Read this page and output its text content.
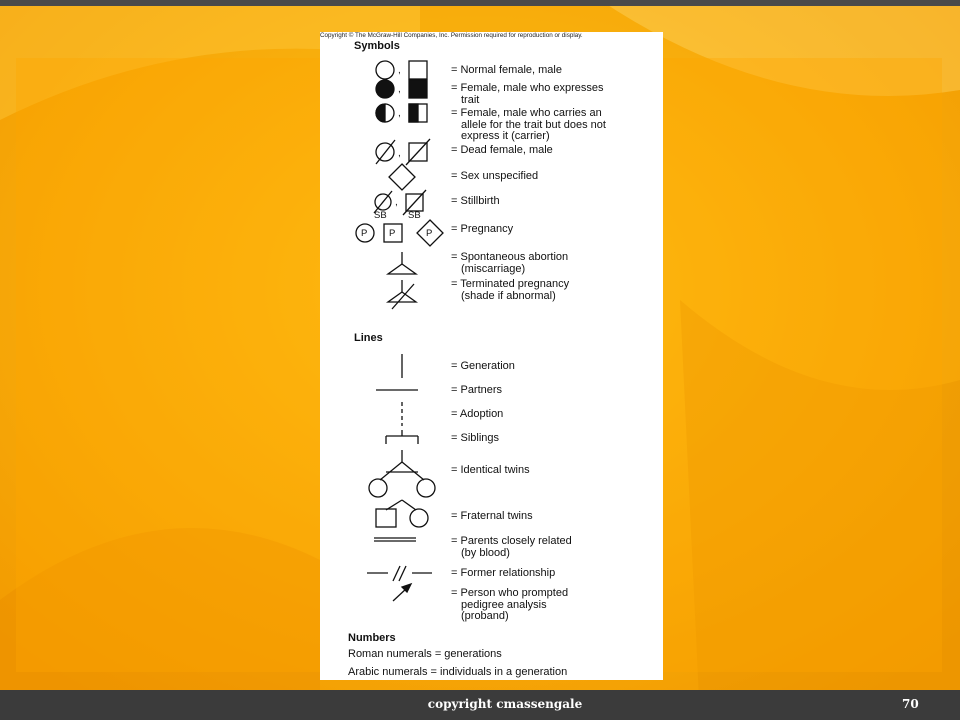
Copyright © The McGraw-Hill Companies, Inc. Permission required for reproduction or display.
Symbols
,
,
,
,
,
SB SB
P P	P
= Normal female, male
= Female, male who expresses
trait
= Female, male who carries an
allele for the trait but does not
express it (carrier)
= Dead female, male
= Sex unspecified
= Stillbirth
= Pregnancy
= Spontaneous abortion
(miscarriage)
= Terminated pregnancy
(shade if abnormal)
Lines
= Generation
= Partners
= Adoption
= Siblings
= Identical twins
= Fraternal twins
= Parents closely related
(by blood)
= Former relationship
= Person who prompted
pedigree analysis
(proband)
Numbers
Roman numerals = generations
Arabic numerals = individuals in a generation
copyright cmassengale	70
